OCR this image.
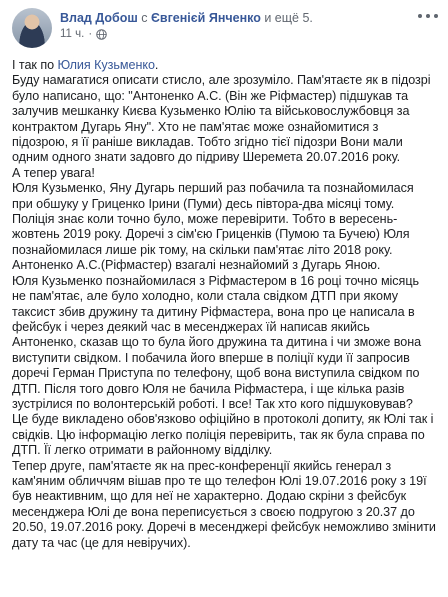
Влад Добош с Євгенієй Янченко и ещё 5.
11 ч. ·

І так по Юлия Кузьменко.

Буду намагатися описати стисло, але зрозуміло. Пам'ятаєте як в підозрі було написано, що: "Антоненко А.С. (Він же Ріфмастер) підшукав та залучив мешканку Києва Кузьменко Юлію та військовослужбовця за контрактом Дугарь Яну". Хто не пам'ятає може ознайомитися з підозрою, я її раніше викладав. Тобто згідно тієї підозри Вони мали одним одного знати задовго до підриву Шеремета 20.07.2016 року.

А тепер увага!

Юля Кузьменко, Яну Дугарь перший раз побачила та познайомилася при обшуку у Гриценко Ірини (Пуми) десь півтора-два місяці тому. Поліція знає коли точно було, може перевірити. Тобто в вересень-жовтень 2019 року. Доречі з сім'єю Гриценків (Пумою та Бучею) Юля познайомилася лише рік тому, на скільки пам'ятає літо 2018 року. Антоненко А.С.(Ріфмастер) взагалі незнайомий з Дугарь Яною.

Юля Кузьменко познайомилася з Ріфмастером в 16 році точно місяць не пам'ятає, але було холодно, коли стала свідком ДТП при якому таксист збив дружину та дитину Ріфмастера, вона про це написала в фейсбук і через деякий час в месенджерах їй написав якийсь Антоненко, сказав що то була його дружина та дитина і чи зможе вона виступити свідком. І побачила його вперше в поліції куди її запросив доречі Герман Приступа по телефону, щоб вона виступила свідком по ДТП. Після того довго Юля не бачила Ріфмастера, і ще кілька разів зустрілися по волонтерській роботі. І все! Так хто кого підшуковував?

Це буде викладено обов'язково офіційно в протоколі допиту, як Юлі так і свідків. Цю інформацію легко поліція перевірить, так як була справа по ДТП. Її легко отримати в районному відділку.

Тепер друге, пам'ятаєте як на прес-конференції якийсь генерал з кам'яним обличчям вішав про те що телефон Юлі 19.07.2016 року з 19ї був неактивним, що для неї не характерно. Додаю скріни з фейсбук месенджера Юлі де вона переписується з своєю подругою з 20.37 до 20.50, 19.07.2016 року. Доречі в месенджері фейсбук неможливо змінити дату та час (це для невіручих).
